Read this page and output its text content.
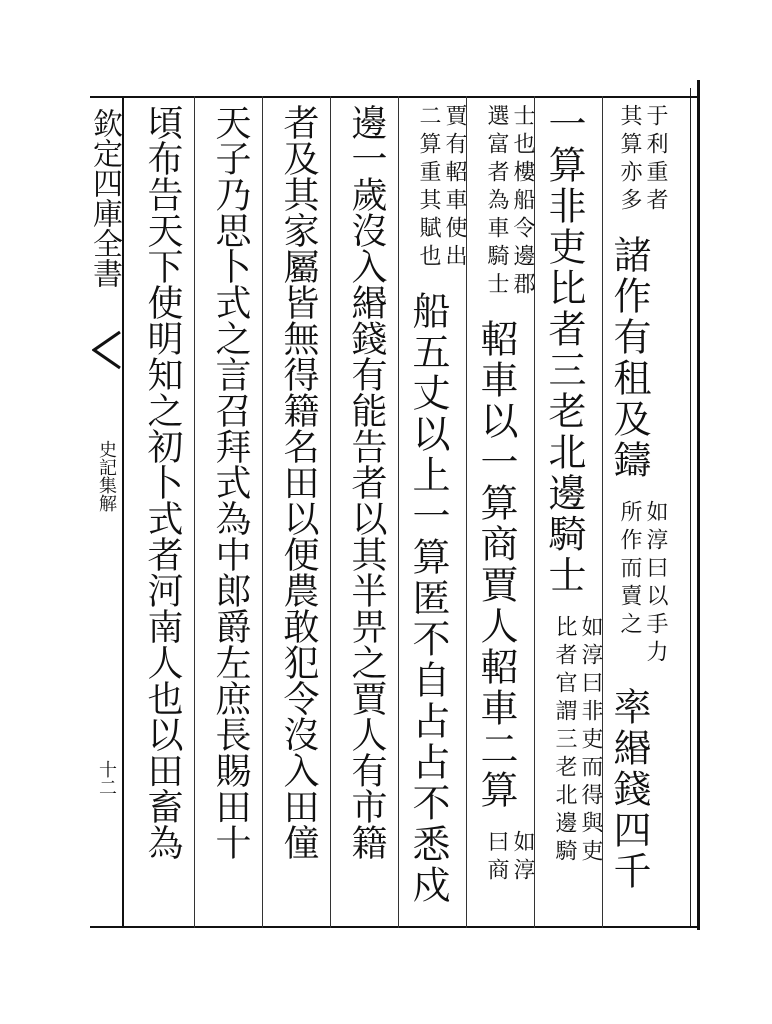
欽定四庫全書
史記集解
十二
于利重者
其算亦多 諸作有租及鑄 如淳曰以手力
所作而賣之 率緡錢四千
一算非吏比者三老北邊騎士 如淳曰非吏而得與吏
比者官謂三老北邊騎
士也樓船令邊郡
選富者為車騎士 軺車以一算商賈人軺車二算 如淳
曰商
賈有軺車使出
二算重其賦也 船五丈以上一算匿不自占占不悉戍
邊一歲沒入緡錢有能告者以其半畀之賈人有市籍
者及其家屬皆無得籍名田以便農敢犯令沒入田僮
天子乃思卜式之言召拜式為中郎爵左庶長賜田十
頃布告天下使明知之初卜式者河南人也以田畜為
